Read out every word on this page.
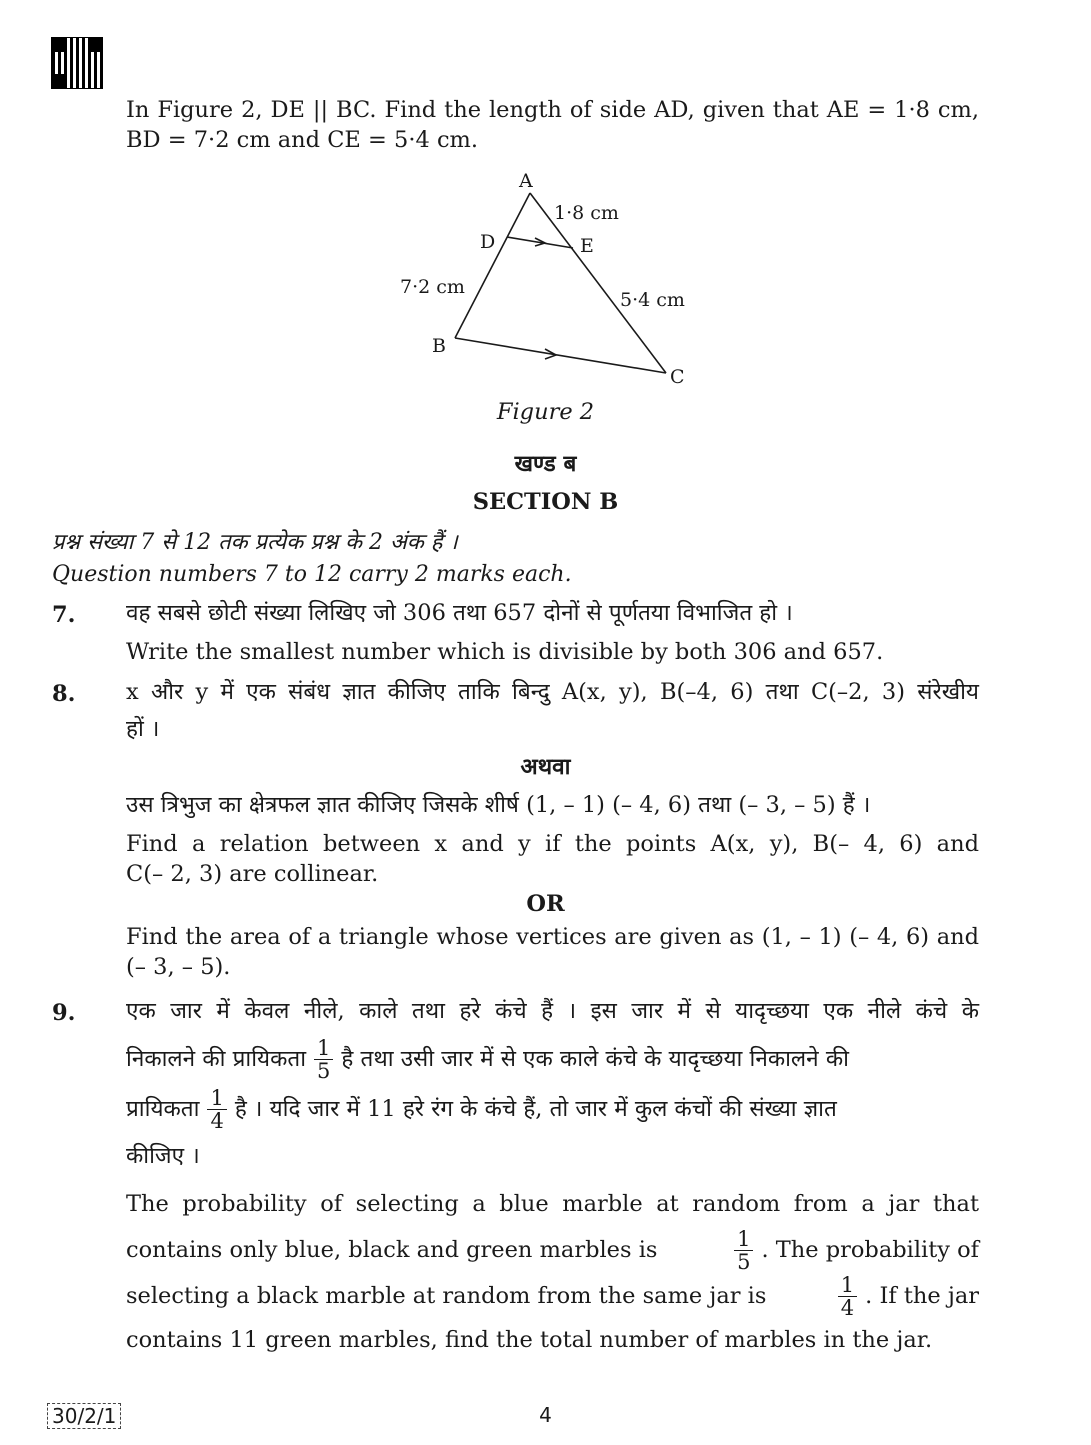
In Figure 2, DE || BC. Find the length of side AD, given that AE = 1·8 cm,
BD = 7·2 cm and CE = 5·4 cm.
A
D	E
B
C
1·8 cm
7·2 cm
5·4 cm
Figure 2
खण्ड ब
SECTION B
प्रश्न संख्या 7 से 12 तक प्रत्येक प्रश्न के 2 अंक हैं ।
Question numbers 7 to 12 carry 2 marks each.
7. वह सबसे छोटी संख्या लिखिए जो 306 तथा 657 दोनों से पूर्णतया विभाजित हो ।
Write the smallest number which is divisible by both 306 and 657.
8. x और y में एक संबंध ज्ञात कीजिए ताकि बिन्दु A(x, y), B(–4, 6) तथा C(–2, 3) संरेखीय
हों ।
अथवा
उस त्रिभुज का क्षेत्रफल ज्ञात कीजिए जिसके शीर्ष (1, – 1) (– 4, 6) तथा (– 3, – 5) हैं ।
Find a relation between x and y if the points A(x, y), B(– 4, 6) and
C(– 2, 3) are collinear.
OR
Find the area of a triangle whose vertices are given as (1, – 1) (– 4, 6) and
(– 3, – 5).
9. एक जार में केवल नीले, काले तथा हरे कंचे हैं । इस जार में से यादृच्छया एक नीले कंचे के
निकालने की प्रायिकता $\frac{1}{5}$ है तथा उसी जार में से एक काले कंचे के यादृच्छया निकालने की
प्रायिकता $\frac{1}{4}$ है । यदि जार में 11 हरे रंग के कंचे हैं, तो जार में कुल कंचों की संख्या ज्ञात
कीजिए ।
The probability of selecting a blue marble at random from a jar that
contains only blue, black and green marbles is	$\frac{1}{5}$ . The probability of
selecting a black marble at random from the same jar is	$\frac{1}{4}$ . If the jar
contains 11 green marbles, find the total number of marbles in the jar.
30/2/1	4
